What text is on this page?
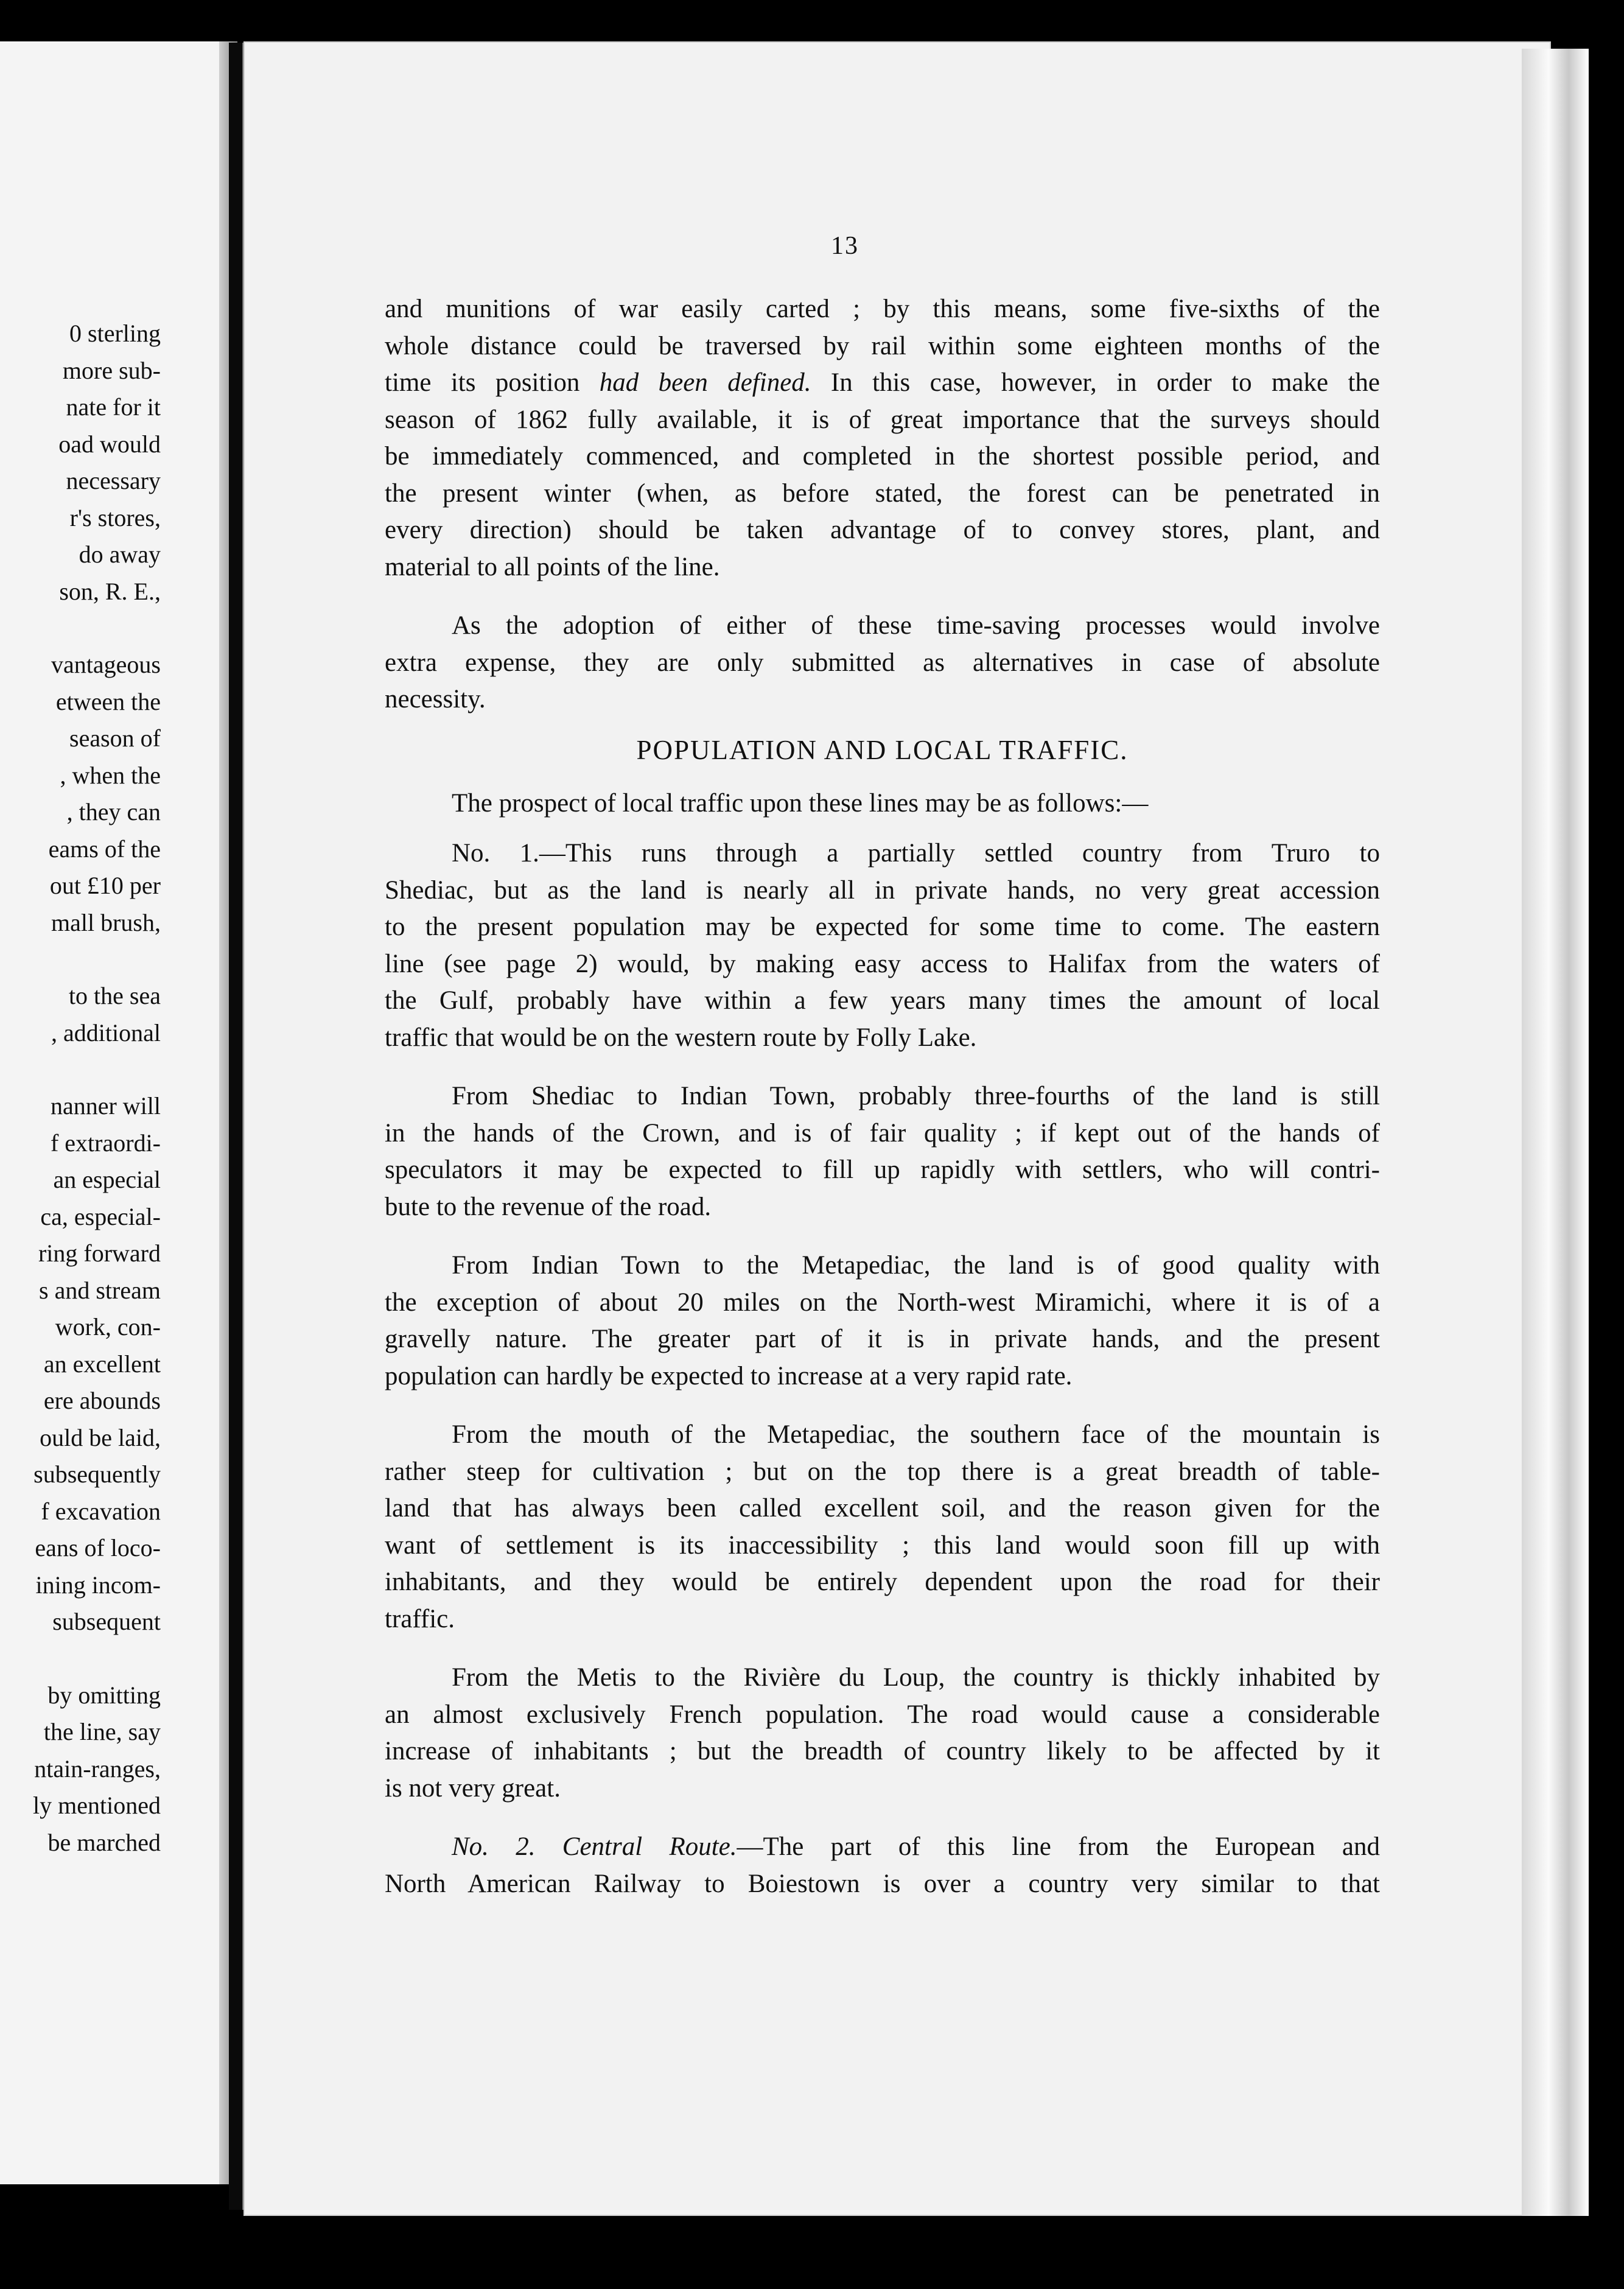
0 sterling
more sub-
nate for it
oad would
necessary
r's stores,
do away
son, R. E.,
vantageous
etween the
season of
, when the
, they can
eams of the
out £10 per
mall brush,
to the sea
, additional
nanner will
f extraordi-
an especial
ca, especial-
ring forward
s and stream
work, con-
an excellent
ere abounds
ould be laid,
subsequently
f excavation
eans of loco-
ining incom-
subsequent
by omitting
the line, say
ntain-ranges,
ly mentioned
be marched
13
and munitions of war easily carted ; by this means, some five-sixths of the
whole distance could be traversed by rail within some eighteen months of the
time its position had been defined. In this case, however, in order to make the
season of 1862 fully available, it is of great importance that the surveys should
be immediately commenced, and completed in the shortest possible period, and
the present winter (when, as before stated, the forest can be penetrated in
every direction) should be taken advantage of to convey stores, plant, and
material to all points of the line.
As the adoption of either of these time-saving processes would involve
extra expense, they are only submitted as alternatives in case of absolute
necessity.
POPULATION AND LOCAL TRAFFIC.
The prospect of local traffic upon these lines may be as follows:—
No. 1.—This runs through a partially settled country from Truro to
Shediac, but as the land is nearly all in private hands, no very great accession
to the present population may be expected for some time to come. The eastern
line (see page 2) would, by making easy access to Halifax from the waters of
the Gulf, probably have within a few years many times the amount of local
traffic that would be on the western route by Folly Lake.
From Shediac to Indian Town, probably three-fourths of the land is still
in the hands of the Crown, and is of fair quality ; if kept out of the hands of
speculators it may be expected to fill up rapidly with settlers, who will contri-
bute to the revenue of the road.
From Indian Town to the Metapediac, the land is of good quality with
the exception of about 20 miles on the North-west Miramichi, where it is of a
gravelly nature. The greater part of it is in private hands, and the present
population can hardly be expected to increase at a very rapid rate.
From the mouth of the Metapediac, the southern face of the mountain is
rather steep for cultivation ; but on the top there is a great breadth of table-
land that has always been called excellent soil, and the reason given for the
want of settlement is its inaccessibility ; this land would soon fill up with
inhabitants, and they would be entirely dependent upon the road for their
traffic.
From the Metis to the Rivière du Loup, the country is thickly inhabited by
an almost exclusively French population. The road would cause a considerable
increase of inhabitants ; but the breadth of country likely to be affected by it
is not very great.
No. 2. Central Route.—The part of this line from the European and
North American Railway to Boiestown is over a country very similar to that
